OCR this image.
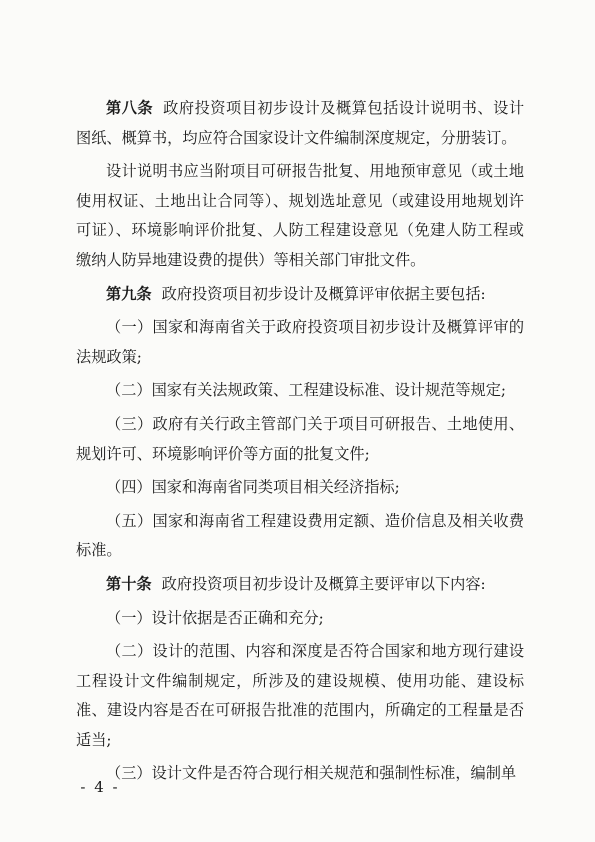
第八条 政府投资项目初步设计及概算包括设计说明书、设计图纸、概算书，均应符合国家设计文件编制深度规定，分册装订。

设计说明书应当附项目可研报告批复、用地预审意见（或土地使用权证、土地出让合同等）、规划选址意见（或建设用地规划许可证）、环境影响评价批复、人防工程建设意见（免建人防工程或缴纳人防异地建设费的提供）等相关部门审批文件。

第九条 政府投资项目初步设计及概算评审依据主要包括:

（一）国家和海南省关于政府投资项目初步设计及概算评审的法规政策;

（二）国家有关法规政策、工程建设标准、设计规范等规定;

（三）政府有关行政主管部门关于项目可研报告、土地使用、规划许可、环境影响评价等方面的批复文件;

（四）国家和海南省同类项目相关经济指标;

（五）国家和海南省工程建设费用定额、造价信息及相关收费标准。

第十条 政府投资项目初步设计及概算主要评审以下内容:

（一）设计依据是否正确和充分;

（二）设计的范围、内容和深度是否符合国家和地方现行建设工程设计文件编制规定，所涉及的建设规模、使用功能、建设标准、建设内容是否在可研报告批准的范围内，所确定的工程量是否适当;

（三）设计文件是否符合现行相关规范和强制性标准，编制单

- 4 -
